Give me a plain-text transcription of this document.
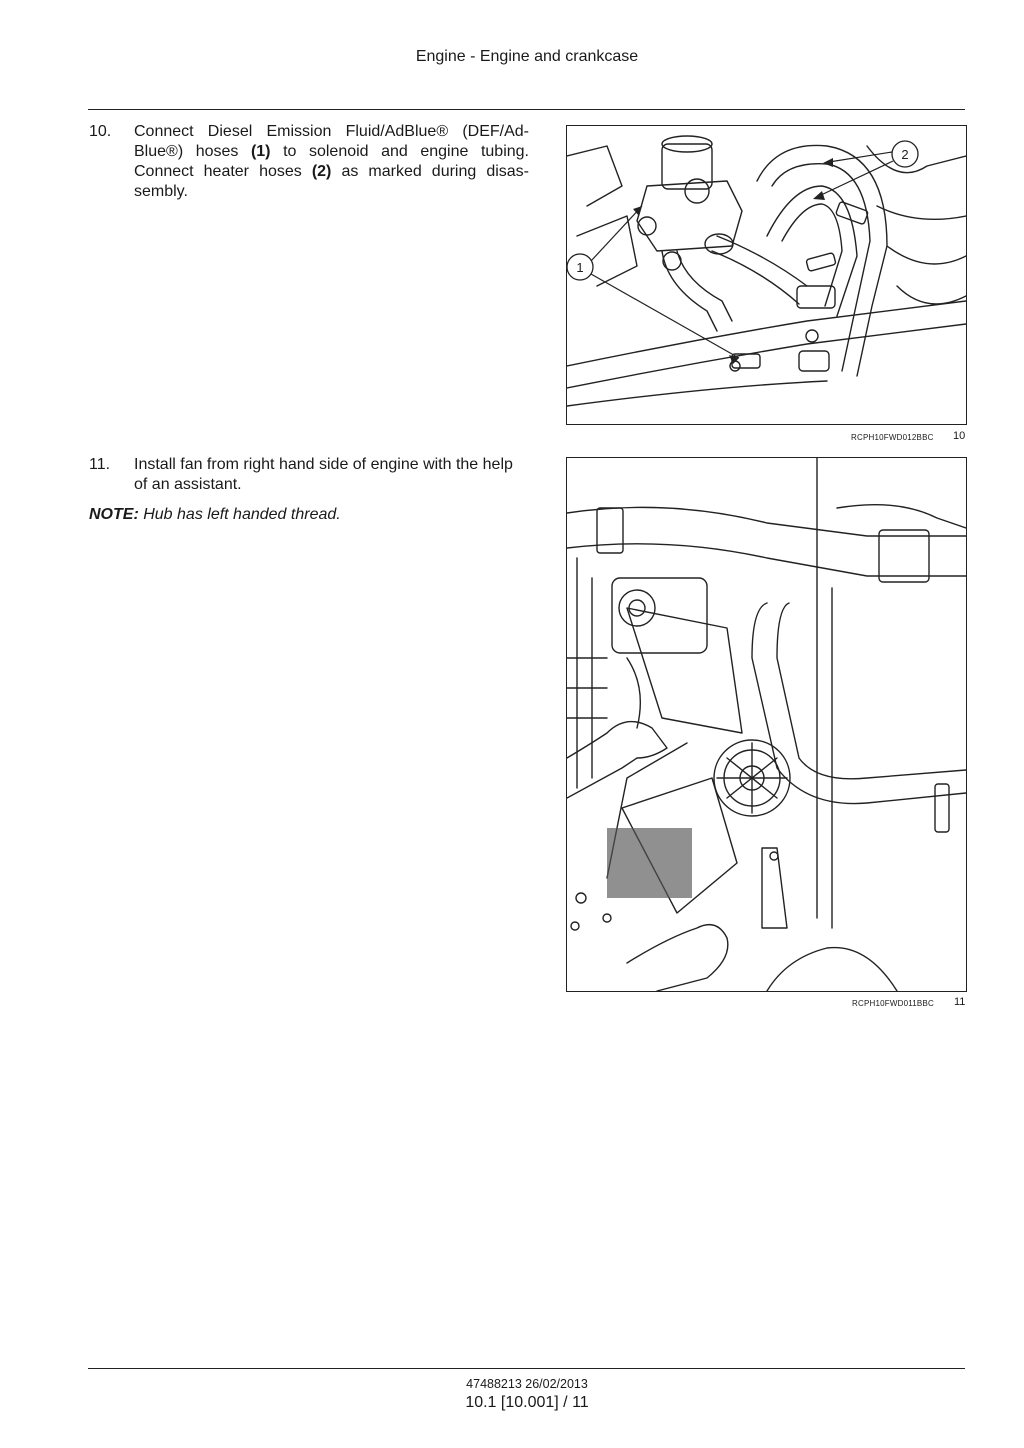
Engine - Engine and crankcase
10. Connect Diesel Emission Fluid/AdBlue® (DEF/Ad-Blue®) hoses (1) to solenoid and engine tubing. Connect heater hoses (2) as marked during disas-sembly.
1
2
RCPH10FWD012BBC 10
11. Install fan from right hand side of engine with the help of an assistant.
NOTE: Hub has left handed thread.
RCPH10FWD011BBC 11
47488213 26/02/2013
10.1 [10.001] / 11
